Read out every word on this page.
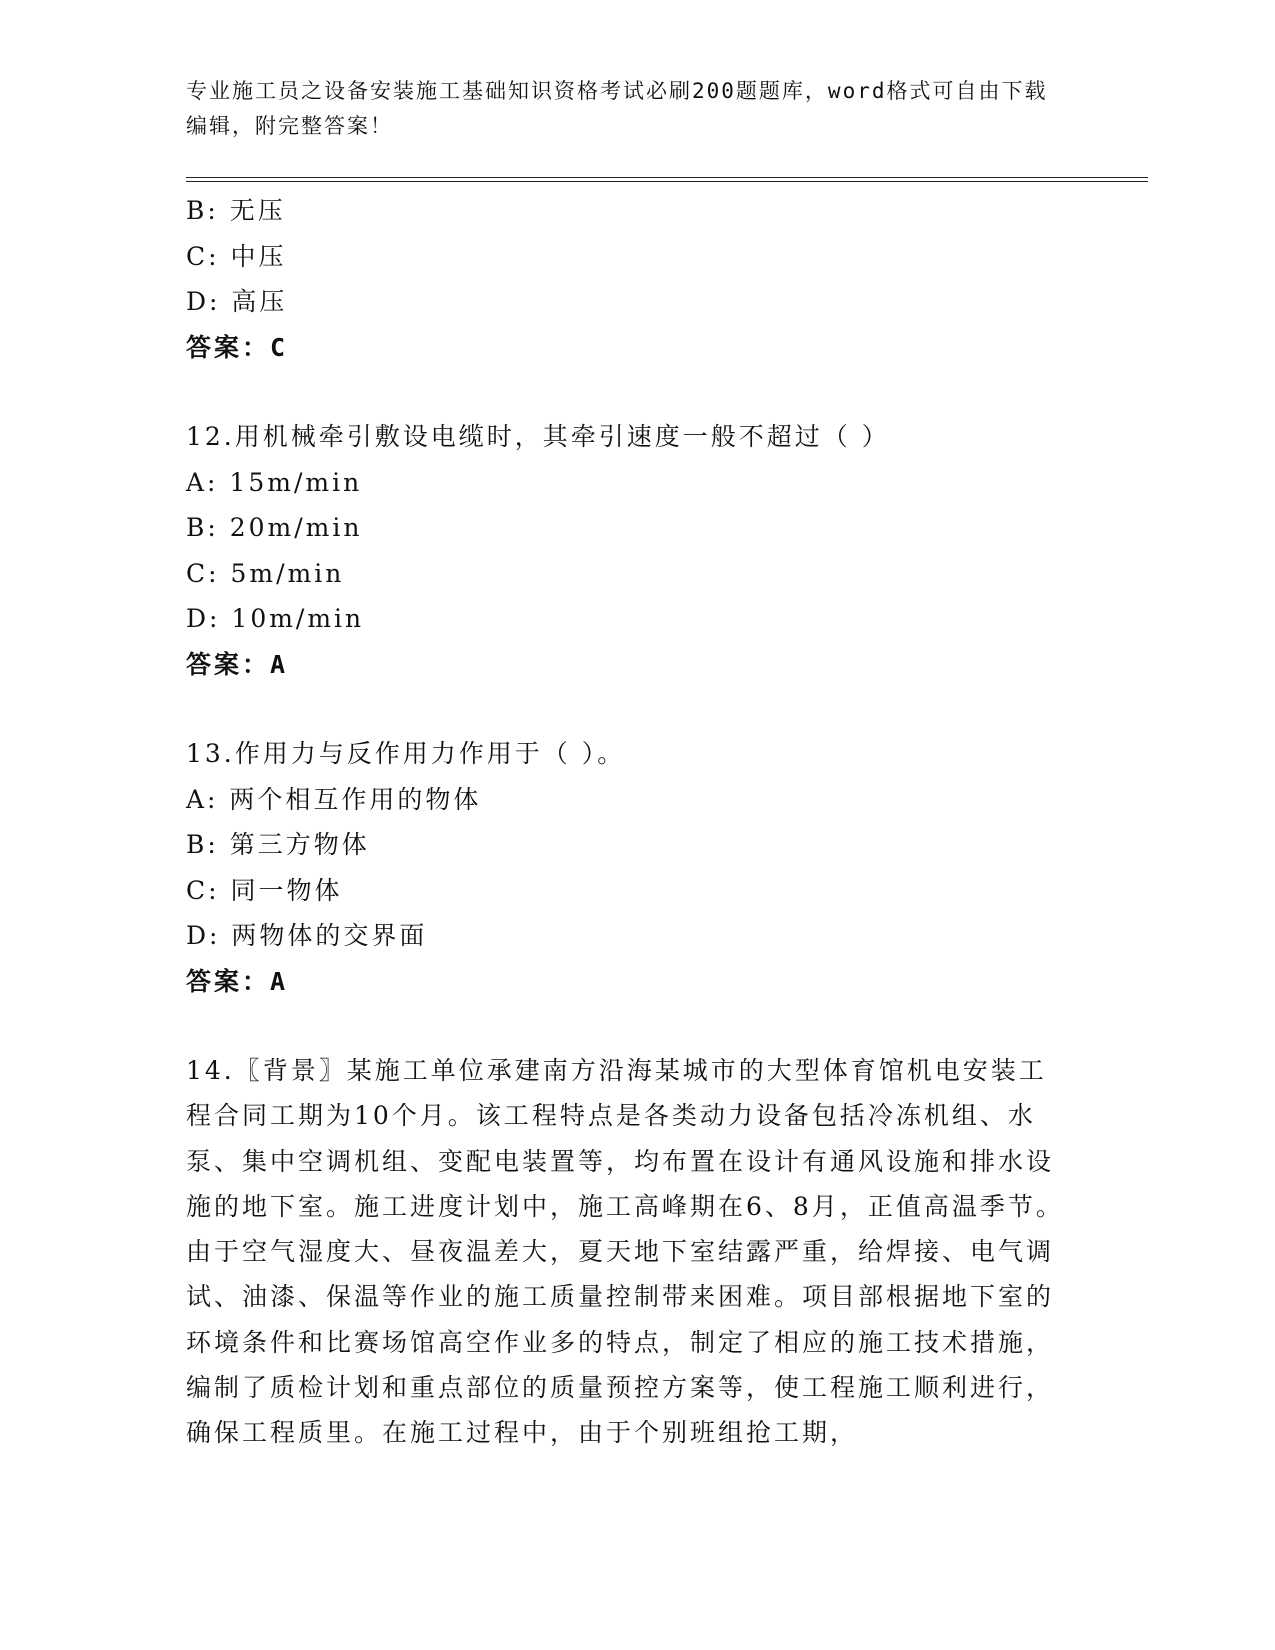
专业施工员之设备安装施工基础知识资格考试必刷200题题库，word格式可自由下载编辑，附完整答案！

B: 无压
C: 中压
D: 高压
答案：C
12.用机械牵引敷设电缆时，其牵引速度一般不超过（ ）
A: 15m/min
B: 20m/min
C: 5m/min
D: 10m/min
答案：A
13.作用力与反作用力作用于（ ）。
A: 两个相互作用的物体
B: 第三方物体
C: 同一物体
D: 两物体的交界面
答案：A
14.〖背景〗某施工单位承建南方沿海某城市的大型体育馆机电安装工程合同工期为10个月。该工程特点是各类动力设备包括冷冻机组、水泵、集中空调机组、变配电装置等，均布置在设计有通风设施和排水设施的地下室。施工进度计划中，施工高峰期在6、8月，正值高温季节。由于空气湿度大、昼夜温差大，夏天地下室结露严重，给焊接、电气调试、油漆、保温等作业的施工质量控制带来困难。项目部根据地下室的环境条件和比赛场馆高空作业多的特点，制定了相应的施工技术措施，编制了质检计划和重点部位的质量预控方案等，使工程施工顺利进行，确保工程质里。在施工过程中，由于个别班组抢工期，
